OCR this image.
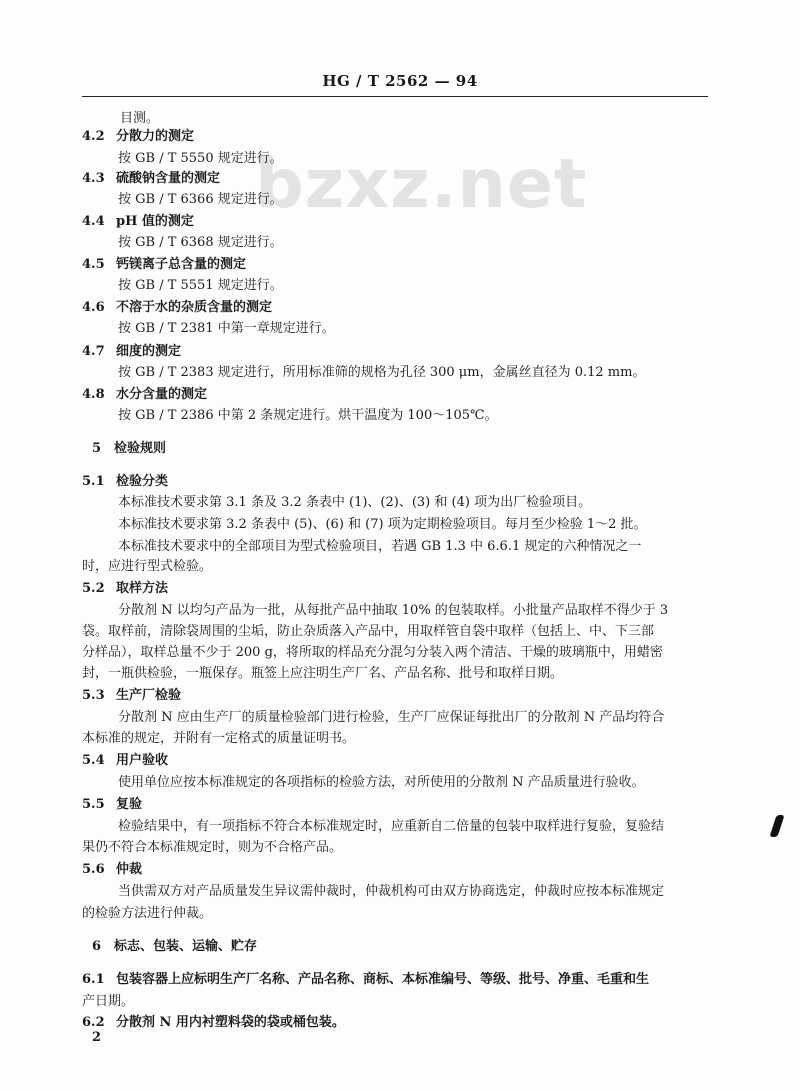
HG / T 2562 — 94
bzxz.net
目测。
4.2 分散力的测定
按 GB / T 5550 规定进行。
4.3 硫酸钠含量的测定
按 GB / T 6366 规定进行。
4.4 pH 值的测定
按 GB / T 6368 规定进行。
4.5 钙镁离子总含量的测定
按 GB / T 5551 规定进行。
4.6 不溶于水的杂质含量的测定
按 GB / T 2381 中第一章规定进行。
4.7 细度的测定
按 GB / T 2383 规定进行，所用标准筛的规格为孔径 300 μm，金属丝直径为 0.12 mm。
4.8 水分含量的测定
按 GB / T 2386 中第 2 条规定进行。烘干温度为 100～105℃。
5 检验规则
5.1 检验分类
本标准技术要求第 3.1 条及 3.2 条表中 (1)、(2)、(3) 和 (4) 项为出厂检验项目。
本标准技术要求第 3.2 条表中 (5)、(6) 和 (7) 项为定期检验项目。每月至少检验 1～2 批。
本标准技术要求中的全部项目为型式检验项目，若遇 GB 1.3 中 6.6.1 规定的六种情况之一
时，应进行型式检验。
5.2 取样方法
分散剂 N 以均匀产品为一批，从每批产品中抽取 10% 的包装取样。小批量产品取样不得少于 3
袋。取样前，清除袋周围的尘垢，防止杂质落入产品中，用取样管自袋中取样（包括上、中、下三部
分样品），取样总量不少于 200 g，将所取的样品充分混匀分装入两个清洁、干燥的玻璃瓶中，用蜡密
封，一瓶供检验，一瓶保存。瓶签上应注明生产厂名、产品名称、批号和取样日期。
5.3 生产厂检验
分散剂 N 应由生产厂的质量检验部门进行检验，生产厂应保证每批出厂的分散剂 N 产品均符合
本标准的规定，并附有一定格式的质量证明书。
5.4 用户验收
使用单位应按本标准规定的各项指标的检验方法，对所使用的分散剂 N 产品质量进行验收。
5.5 复验
检验结果中，有一项指标不符合本标准规定时，应重新自二倍量的包装中取样进行复验，复验结
果仍不符合本标准规定时，则为不合格产品。
5.6 仲裁
当供需双方对产品质量发生异议需仲裁时，仲裁机构可由双方协商选定，仲裁时应按本标准规定
的检验方法进行仲裁。
6 标志、包装、运输、贮存
6.1 包装容器上应标明生产厂名称、产品名称、商标、本标准编号、等级、批号、净重、毛重和生
产日期。
6.2 分散剂 N 用内衬塑料袋的袋或桶包装。
2
